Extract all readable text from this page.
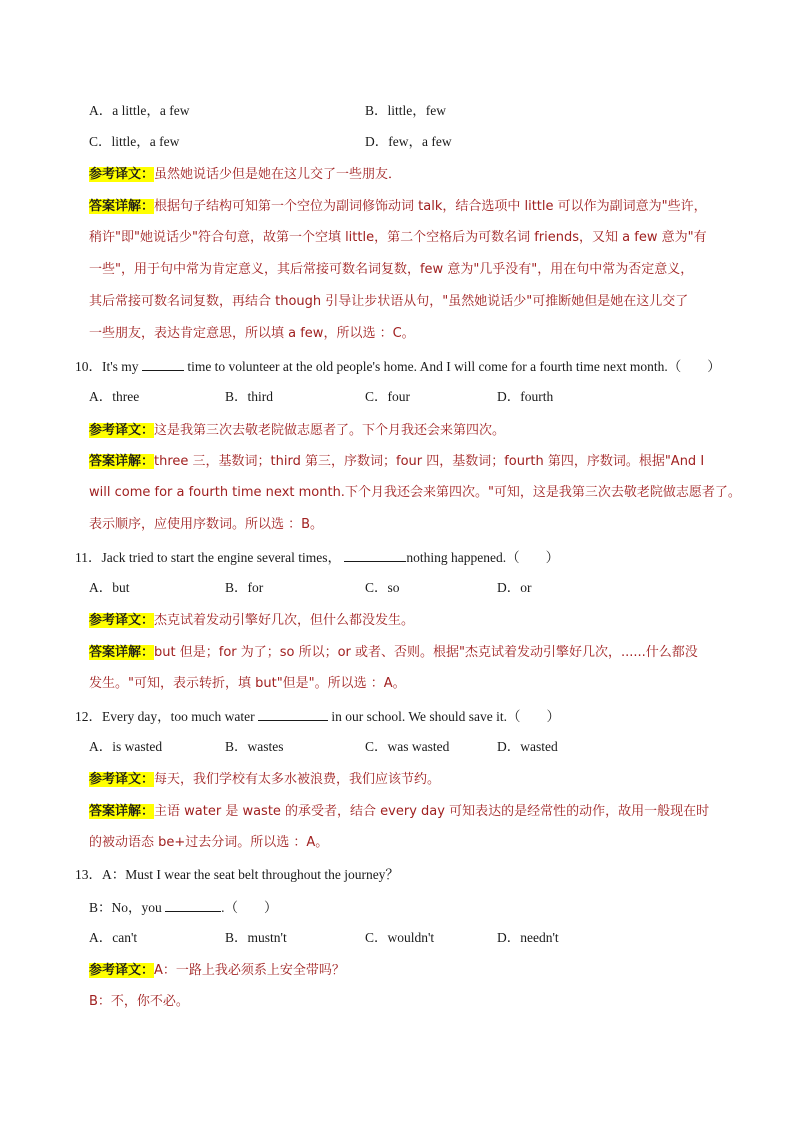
A．a little，a few	B．little，few
C．little，a few	D．few，a few
参考译文：虽然她说话少但是她在这儿交了一些朋友．
答案详解：根据句子结构可知第一个空位为副词修饰动词 talk，结合选项中 little 可以作为副词意为"些许，
稍许"即"她说话少"符合句意，故第一个空填 little，第二个空格后为可数名词 friends，又知 a few 意为"有
一些"，用于句中常为肯定意义，其后常接可数名词复数，few 意为"几乎没有"，用在句中常为否定意义，
其后常接可数名词复数，再结合 though 引导让步状语从句，"虽然她说话少"可推断她但是她在这儿交了
一些朋友，表达肯定意思，所以填 a few，所以选 ：C。
10．It's my	time to volunteer at the old people's home. And I will come for a fourth time next month.（ ）
A．three	B．third	C．four	D．fourth
参考译文：这是我第三次去敬老院做志愿者了。下个月我还会来第四次。
答案详解：three 三，基数词；third 第三，序数词；four 四，基数词；fourth 第四，序数词。根据"And I
will come for a fourth time next month.下个月我还会来第四次。"可知，这是我第三次去敬老院做志愿者了。
表示顺序，应使用序数词。所以选 ：B。
11．Jack tried to start the engine several times，	nothing happened.（ ）
A．but	B．for	C．so	D．or
参考译文：杰克试着发动引擎好几次，但什么都没发生。
答案详解：but 但是；for 为了；so 所以；or 或者、否则。根据"杰克试着发动引擎好几次，......什么都没
发生。"可知，表示转折，填 but"但是"。所以选 ：A。
12．Every day，too much water	in our school. We should save it.（ ）
A．is wasted	B．wastes	C．was wasted	D．wasted
参考译文：每天，我们学校有太多水被浪费，我们应该节约。
答案详解：主语 water 是 waste 的承受者，结合 every day 可知表达的是经常性的动作，故用一般现在时
的被动语态 be+过去分词。所以选 ：A。
13．A：Must I wear the seat belt throughout the journey？
B：No，you	.（ ）
A．can't	B．mustn't	C．wouldn't	D．needn't
参考译文：A：一路上我必须系上安全带吗？
B：不，你不必。
